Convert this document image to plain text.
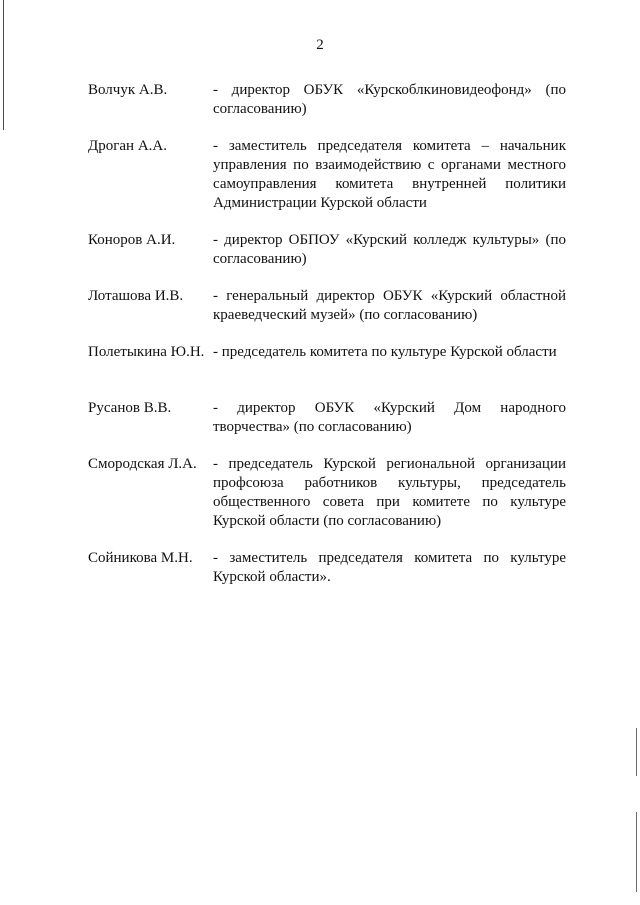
2
Волчук А.В.	- директор ОБУК «Курскоблкиновидеофонд» (по согласованию)
Дроган А.А.	- заместитель председателя комитета – начальник управления по взаимодействию с органами местного самоуправления комитета внутренней политики Администрации Курской области
Коноров А.И.	- директор ОБПОУ «Курский колледж культуры» (по согласованию)
Лоташова И.В.	- генеральный директор ОБУК «Курский областной краеведческий музей» (по согласованию)
Полетыкина Ю.Н. - председатель комитета по культуре Курской области
Русанов В.В.	- директор ОБУК «Курский Дом народного творчества» (по согласованию)
Смородская Л.А.	- председатель Курской региональной организации профсоюза работников культуры, председатель общественного совета при комитете по культуре Курской области (по согласованию)
Сойникова М.Н.	- заместитель председателя комитета по культуре Курской области».
